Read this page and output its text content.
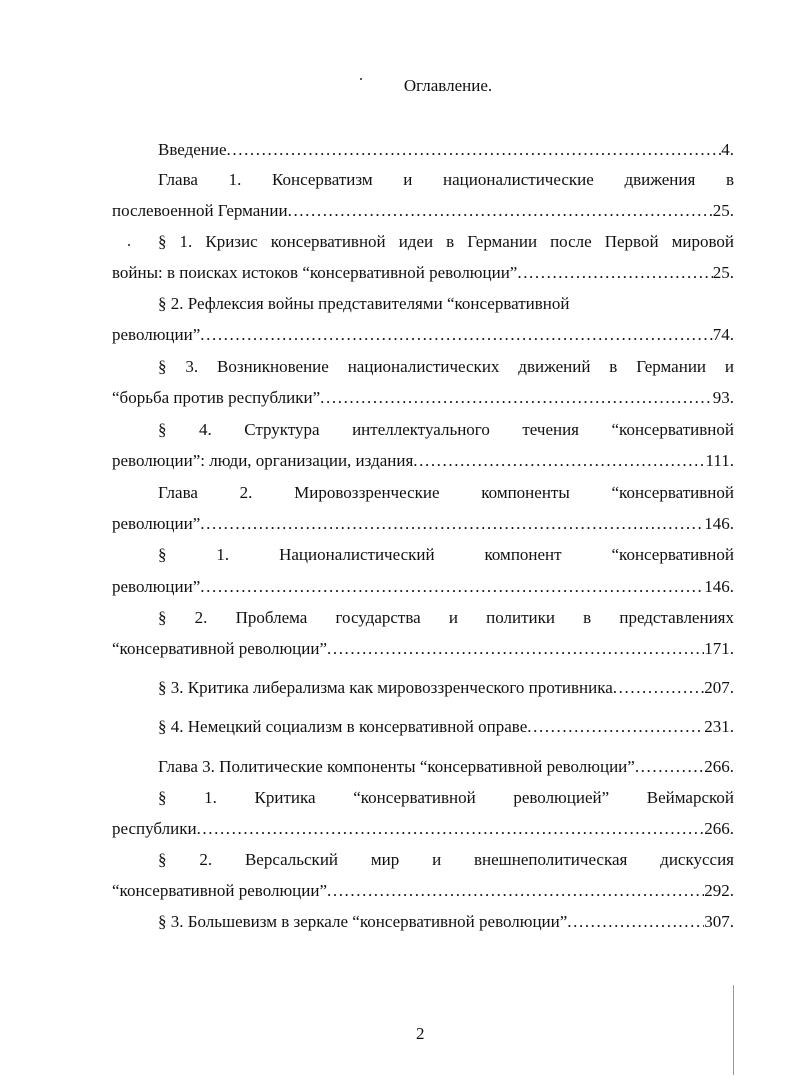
Оглавление.
Введение .....	4.
Глава 1. Консерватизм и националистические движения в
послевоенной Германии .....	25.
§ 1. Кризис консервативной идеи в Германии после Первой мировой
войны: в поисках истоков “консервативной революции” .....	25.
§ 2. Рефлексия войны представителями “консервативной
революции” .....	74.
§ 3. Возникновение националистических движений в Германии и
“борьба против республики” .....	93.
§ 4. Структура интеллектуального течения “консервативной
революции”: люди, организации, издания .....	111.
Глава 2. Мировоззренческие компоненты “консервативной
революции” .....	146.
§ 1. Националистический компонент “консервативной
революции” .....	146.
§ 2. Проблема государства и политики в представлениях
“консервативной революции” .....	171.
§ 3. Критика либерализма как мировоззренческого противника .....	207.
§ 4. Немецкий социализм в консервативной оправе .....	231.
Глава 3. Политические компоненты “консервативной революции” .....	266.
§ 1. Критика “консервативной революцией” Веймарской
республики .....	266.
§ 2. Версальский мир и внешнеполитическая дискуссия
“консервативной революции” .....	292.
§ 3. Большевизм в зеркале “консервативной революции” .....	307.
2
